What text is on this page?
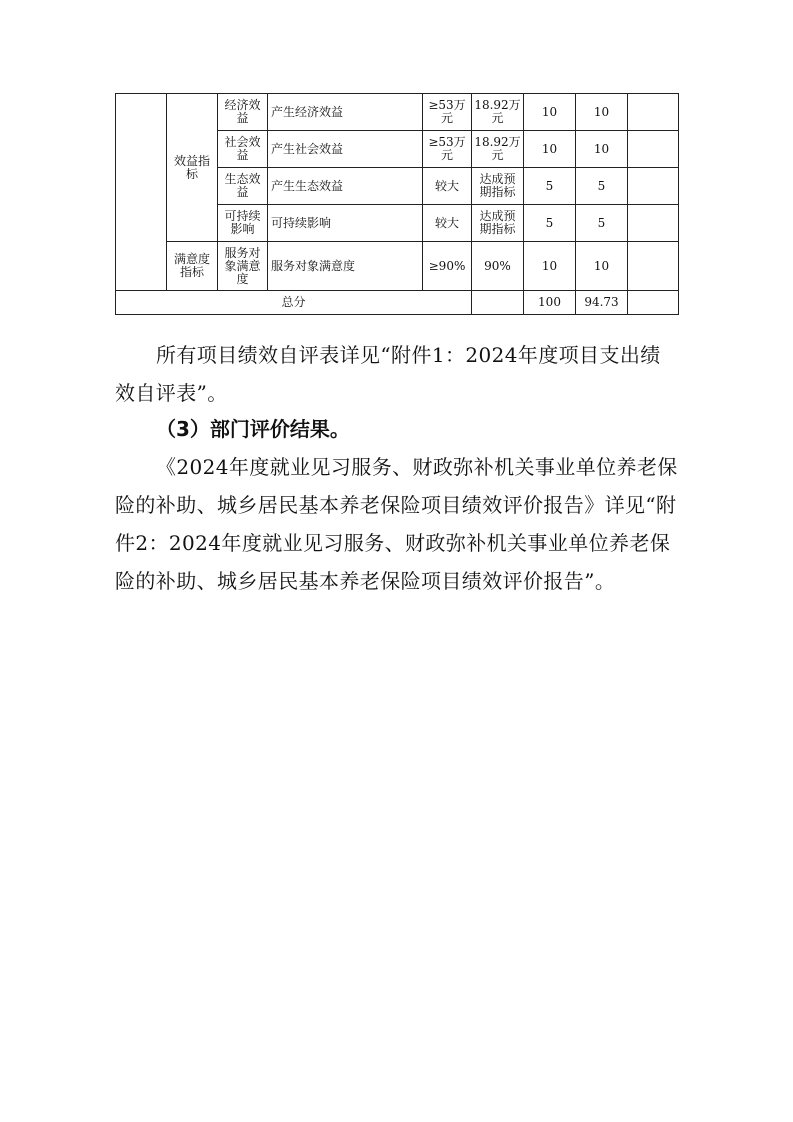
	效益指标	经济效益	产生经济效益	≥53万元	18.92万元	10	10	
		社会效益	产生社会效益	≥53万元	18.92万元	10	10	
		生态效益	产生生态效益	较大	达成预期指标	5	5	
		可持续影响	可持续影响	较大	达成预期指标	5	5	
	满意度指标	服务对象满意度	服务对象满意度	≥90%	90%	10	10	
总分						100	94.73	

所有项目绩效自评表详见“附件1：2024年度项目支出绩效自评表”。

（3）部门评价结果。

《2024年度就业见习服务、财政弥补机关事业单位养老保险的补助、城乡居民基本养老保险项目绩效评价报告》详见“附件2：2024年度就业见习服务、财政弥补机关事业单位养老保险的补助、城乡居民基本养老保险项目绩效评价报告”。
